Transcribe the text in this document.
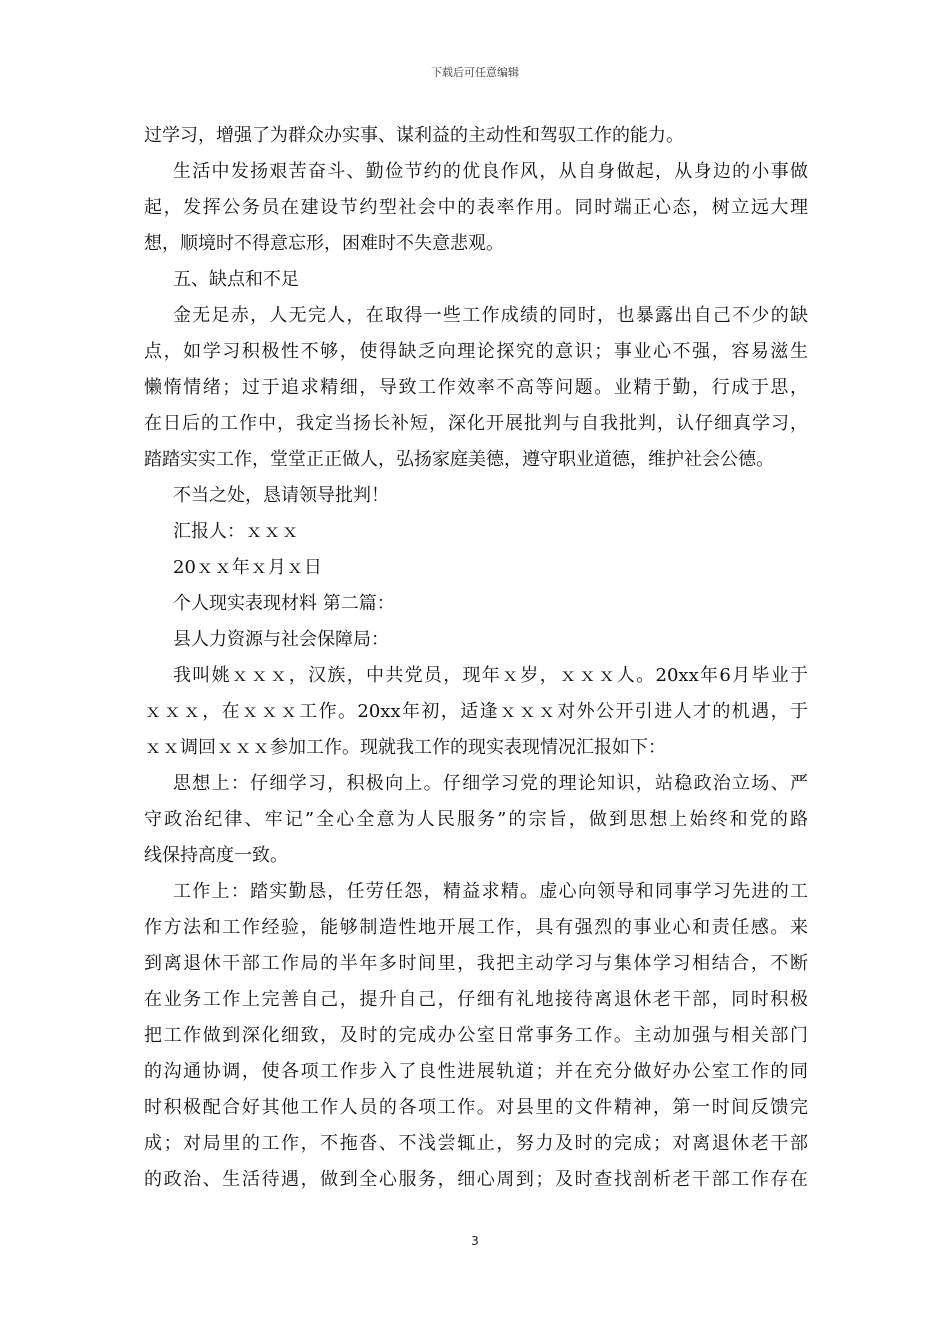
下载后可任意编辑
过学习，增强了为群众办实事、谋利益的主动性和驾驭工作的能力。
生活中发扬艰苦奋斗、勤俭节约的优良作风，从自身做起，从身边的小事做
起，发挥公务员在建设节约型社会中的表率作用。同时端正心态，树立远大理
想，顺境时不得意忘形，困难时不失意悲观。
五、缺点和不足
金无足赤，人无完人，在取得一些工作成绩的同时，也暴露出自己不少的缺
点，如学习积极性不够，使得缺乏向理论探究的意识；事业心不强，容易滋生
懒惰情绪；过于追求精细，导致工作效率不高等问题。业精于勤，行成于思，
在日后的工作中，我定当扬长补短，深化开展批判与自我批判，认仔细真学习，
踏踏实实工作，堂堂正正做人，弘扬家庭美德，遵守职业道德，维护社会公德。
不当之处，恳请领导批判！
汇报人：ｘｘｘ
20ｘｘ年ｘ月ｘ日
个人现实表现材料 第二篇：
县人力资源与社会保障局：
我叫姚ｘｘｘ，汉族，中共党员，现年ｘ岁，ｘｘｘ人。20xx年6月毕业于
ｘｘｘ，在ｘｘｘ工作。20xx年初，适逢ｘｘｘ对外公开引进人才的机遇，于
ｘｘ调回ｘｘｘ参加工作。现就我工作的现实表现情况汇报如下：
思想上：仔细学习，积极向上。仔细学习党的理论知识，站稳政治立场、严
守政治纪律、牢记”全心全意为人民服务”的宗旨，做到思想上始终和党的路
线保持高度一致。
工作上：踏实勤恳，任劳任怨，精益求精。虚心向领导和同事学习先进的工
作方法和工作经验，能够制造性地开展工作，具有强烈的事业心和责任感。来
到离退休干部工作局的半年多时间里，我把主动学习与集体学习相结合，不断
在业务工作上完善自己，提升自己，仔细有礼地接待离退休老干部，同时积极
把工作做到深化细致，及时的完成办公室日常事务工作。主动加强与相关部门
的沟通协调，使各项工作步入了良性进展轨道；并在充分做好办公室工作的同
时积极配合好其他工作人员的各项工作。对县里的文件精神，第一时间反馈完
成；对局里的工作，不拖沓、不浅尝辄止，努力及时的完成；对离退休老干部
的政治、生活待遇，做到全心服务，细心周到；及时查找剖析老干部工作存在
3
